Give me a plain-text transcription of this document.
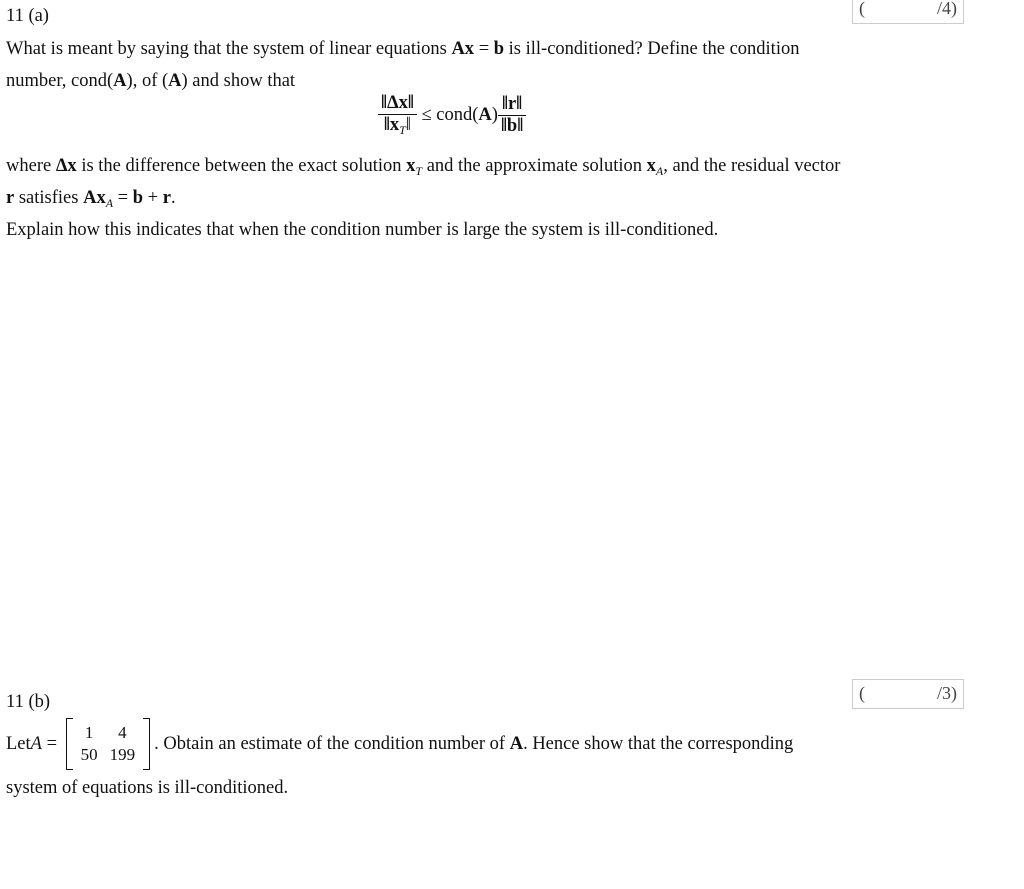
(	/4)
11 (a)
What is meant by saying that the system of linear equations Ax = b is ill-conditioned? Define the condition
number, cond(A), of (A) and show that
$\frac{‖\Delta x‖}{‖x_T‖}$ ≤ cond(A) $\frac{‖r‖}{‖b‖}$
where Δx is the difference between the exact solution $x_T$ and the approximate solution $x_A$, and the residual vector
r satisfies $Ax_A = b + r$.
Explain how this indicates that when the condition number is large the system is ill-conditioned.
(	/3)
11 (b)
Let A =
1	4
50 199
. Obtain an estimate of the condition number of A . Hence show that the corresponding
system of equations is ill-conditioned.
